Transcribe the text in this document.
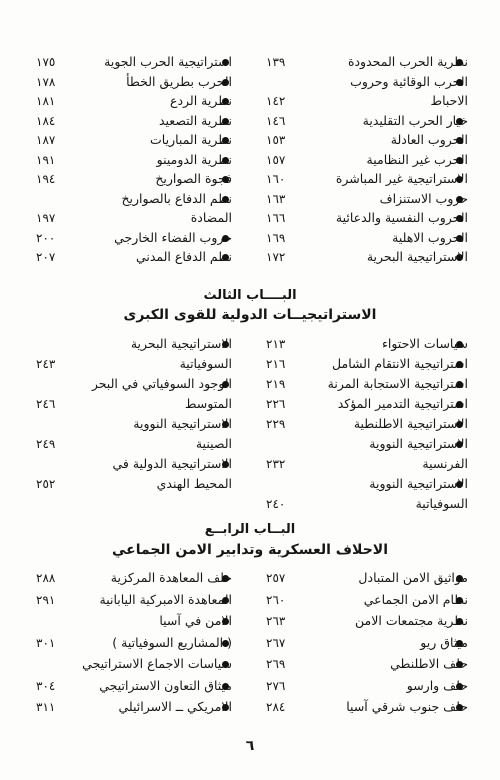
نظرية الحرب المحدودة
١٣٩
الحرب الوقائية وحروب
الاحباط
١٤٢
خيار الحرب التقليدية
١٤٦
الحروب العادلة
١٥٣
الحرب غير النظامية
١٥٧
الاستراتيجية غير المباشرة
١٦٠
حروب الاستنزاف
١٦٣
الحروب النفسية والدعائية
١٦٦
الحروب الاهلية
١٦٩
الاستراتيجية البحرية
١٧٢
استراتيجية الحرب الجوية
١٧٥
الحرب بطريق الخطأ
١٧٨
نظرية الردع
١٨١
نظرية التصعيد
١٨٤
نظرية المباريات
١٨٧
نظرية الدومينو
١٩١
فجوة الصواريخ
١٩٤
نظم الدفاع بالصواريخ
المضادة
١٩٧
حروب الفضاء الخارجي
٢٠٠
نظم الدفاع المدني
٢٠٧
البــــاب الثالث
الاستراتيجيــات الدولية للقوى الكبرى
سياسات الاحتواء
٢١٣
استراتيجية الانتقام الشامل
٢١٦
استراتيجية الاستجابة المرنة
٢١٩
استراتيجية التدمير المؤكد
٢٢٦
الاستراتيجية الاطلنطية
٢٢٩
الاستراتيجية النووية
الفرنسية
٢٣٢
الاستراتيجية النووية
السوفياتية
٢٤٠
الاستراتيجية البحرية
السوفياتية
٢٤٣
الوجود السوفياتي في البحر
المتوسط
٢٤٦
الاستراتيجية النووية
الصينية
٢٤٩
الاستراتيجية الدولية في
المحيط الهندي
٢٥٢
البــاب الرابــع
الاحلاف العسكرية وتدابير الامن الجماعي
مواثيق الامن المتبادل
٢٥٧
نظام الامن الجماعي
٢٦٠
نظرية مجتمعات الامن
٢٦٣
ميثاق ريو
٢٦٧
حلف الاطلنطي
٢٦٩
حلف وارسو
٢٧٦
حلف جنوب شرقي آسيا
٢٨٤
حلف المعاهدة المركزية
٢٨٨
المعاهدة الامبركية اليابانية
٢٩١
الامن في آسيا
( المشاريع السوفياتية )
٣٠١
سياسات الاجماع الاستراتيجي
ميثاق التعاون الاستراتيجي
٣٠٤
الامريكي ــ الاسرائيلي
٣١١
٦
